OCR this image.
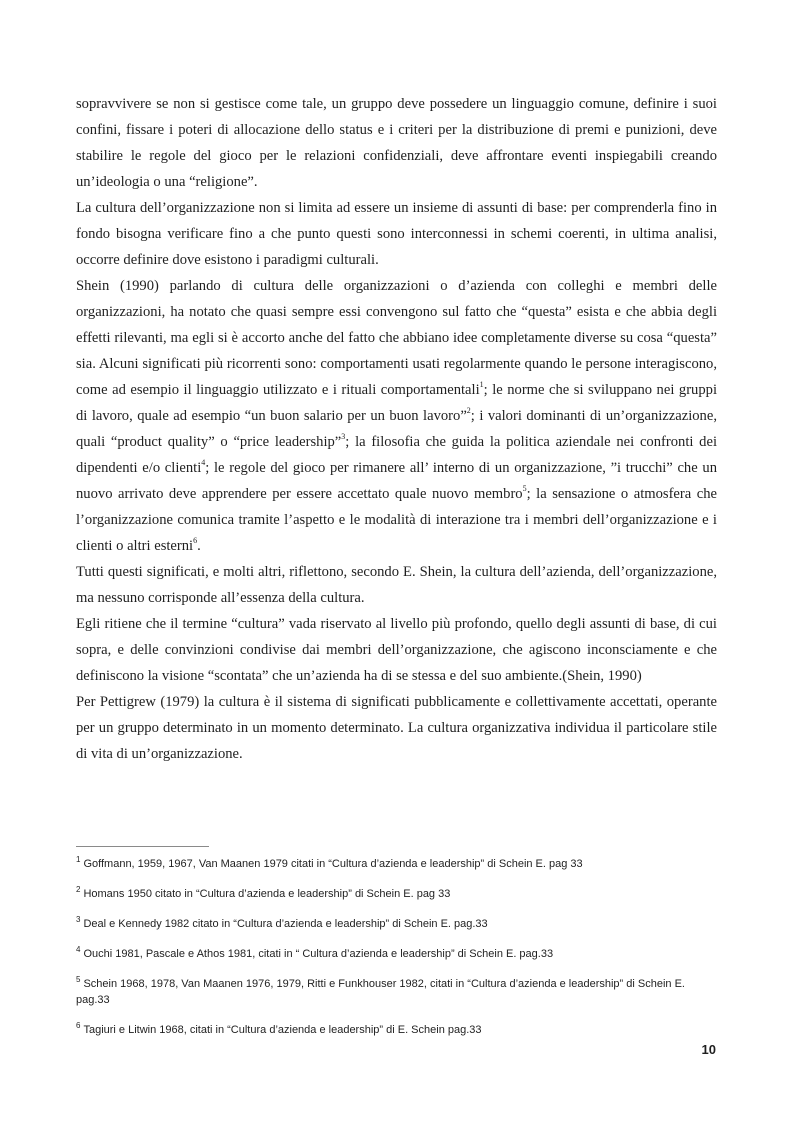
sopravvivere se non si gestisce come tale, un gruppo deve possedere un linguaggio comune, definire i suoi confini, fissare i poteri di allocazione dello status e i criteri per la distribuzione di premi e punizioni, deve stabilire le regole del gioco per le relazioni confidenziali, deve affrontare eventi inspiegabili creando un’ideologia o una “religione”.

La cultura dell’organizzazione non si limita ad essere un insieme di assunti di base: per comprenderla fino in fondo bisogna verificare fino a che punto questi sono interconnessi in schemi coerenti, in ultima analisi, occorre definire dove esistono i paradigmi culturali.

Shein (1990) parlando di cultura delle organizzazioni o d’azienda con colleghi e membri delle organizzazioni, ha notato che quasi sempre essi convengono sul fatto che “questa” esista e che abbia degli effetti rilevanti, ma egli si è accorto anche del fatto che abbiano idee completamente diverse su cosa “questa” sia. Alcuni significati più ricorrenti sono: comportamenti usati regolarmente quando le persone interagiscono, come ad esempio il linguaggio utilizzato e i rituali comportamentali$^1$; le norme che si sviluppano nei gruppi di lavoro, quale ad esempio “un buon salario per un buon lavoro”$^2$; i valori dominanti di un’organizzazione, quali “product quality” o “price leadership”$^3$; la filosofia che guida la politica aziendale nei confronti dei dipendenti e/o clienti$^4$; le regole del gioco per rimanere all’ interno di un organizzazione, ”i trucchi” che un nuovo arrivato deve apprendere per essere accettato quale nuovo membro$^5$; la sensazione o atmosfera che l’organizzazione comunica tramite l’aspetto e le modalità di interazione tra i membri dell’organizzazione e i clienti o altri esterni$^6$.

Tutti questi significati, e molti altri, riflettono, secondo E. Shein, la cultura dell’azienda, dell’organizzazione, ma nessuno corrisponde all’essenza della cultura.

Egli ritiene che il termine “cultura” vada riservato al livello più profondo, quello degli assunti di base, di cui sopra, e delle convinzioni condivise dai membri dell’organizzazione, che agiscono inconsciamente e che definiscono la visione “scontata” che un’azienda ha di se stessa e del suo ambiente.(Shein, 1990)

Per Pettigrew (1979) la cultura è il sistema di significati pubblicamente e collettivamente accettati, operante per un gruppo determinato in un momento determinato. La cultura organizzativa individua il particolare stile di vita di un’organizzazione.

$^1$ Goffmann, 1959, 1967, Van Maanen 1979 citati in “Cultura d’azienda e leadership” di Schein E. pag 33
$^2$ Homans 1950 citato in “Cultura d’azienda e leadership” di Schein E. pag 33
$^3$ Deal e Kennedy 1982 citato in “Cultura d’azienda e leadership” di Schein E. pag.33
$^4$ Ouchi 1981, Pascale e Athos 1981, citati in “ Cultura d’azienda e leadership” di Schein E. pag.33
$^5$ Schein 1968, 1978, Van Maanen 1976, 1979, Ritti e Funkhouser 1982, citati in “Cultura d’azienda e leadership” di Schein E. pag.33
$^6$ Tagiuri e Litwin 1968, citati in “Cultura d’azienda e leadership” di E. Schein pag.33
10
